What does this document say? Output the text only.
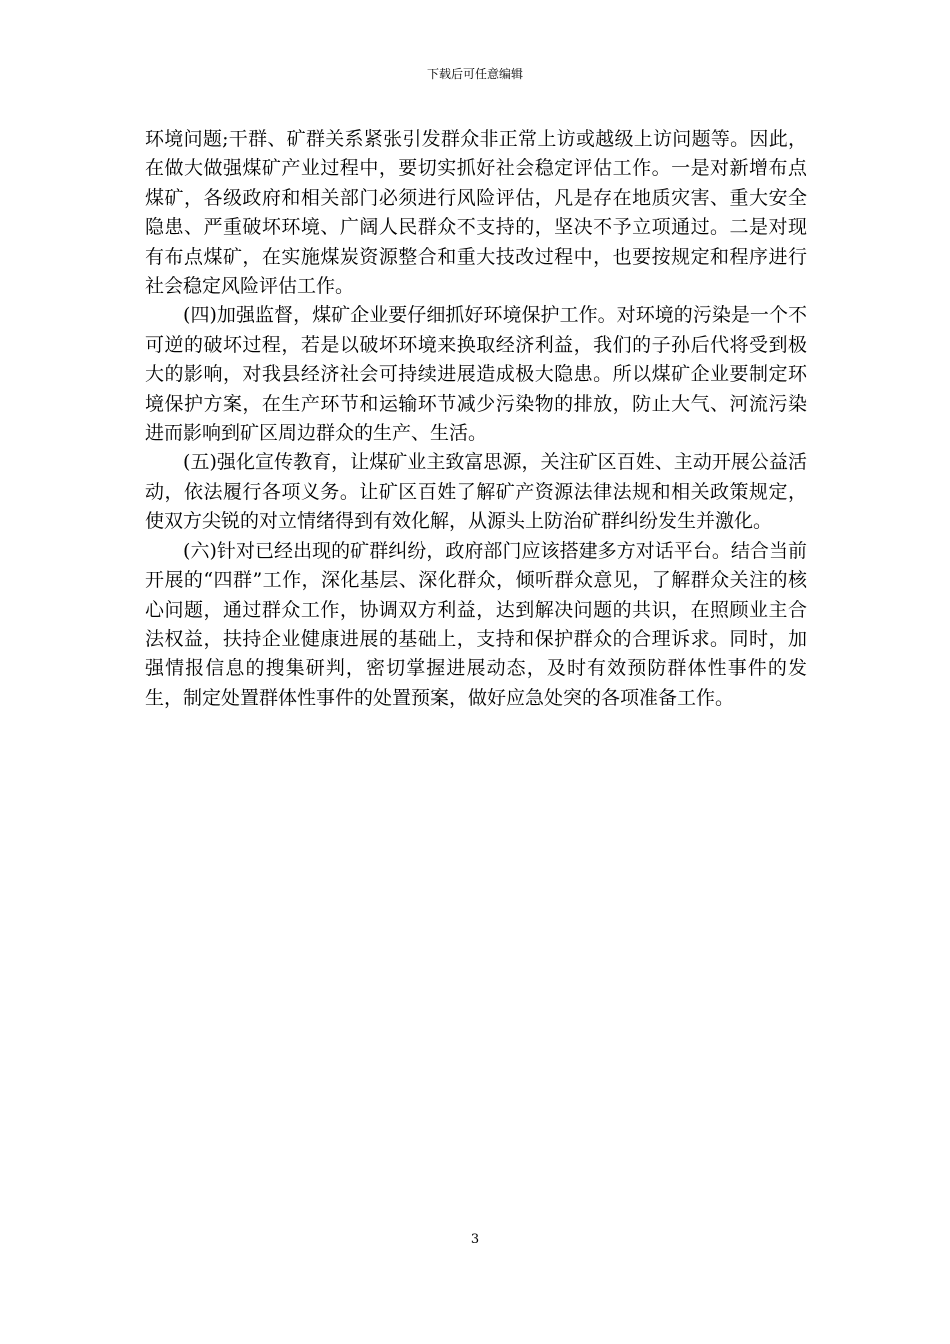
下载后可任意编辑

环境问题;干群、矿群关系紧张引发群众非正常上访或越级上访问题等。因此，在做大做强煤矿产业过程中，要切实抓好社会稳定评估工作。一是对新增布点煤矿，各级政府和相关部门必须进行风险评估，凡是存在地质灾害、重大安全隐患、严重破坏环境、广阔人民群众不支持的，坚决不予立项通过。二是对现有布点煤矿，在实施煤炭资源整合和重大技改过程中，也要按规定和程序进行社会稳定风险评估工作。

(四)加强监督，煤矿企业要仔细抓好环境保护工作。对环境的污染是一个不可逆的破坏过程，若是以破坏环境来换取经济利益，我们的子孙后代将受到极大的影响，对我县经济社会可持续进展造成极大隐患。所以煤矿企业要制定环境保护方案，在生产环节和运输环节减少污染物的排放，防止大气、河流污染进而影响到矿区周边群众的生产、生活。

(五)强化宣传教育，让煤矿业主致富思源，关注矿区百姓、主动开展公益活动，依法履行各项义务。让矿区百姓了解矿产资源法律法规和相关政策规定，使双方尖锐的对立情绪得到有效化解，从源头上防治矿群纠纷发生并激化。

(六)针对已经出现的矿群纠纷，政府部门应该搭建多方对话平台。结合当前开展的“四群”工作，深化基层、深化群众，倾听群众意见，了解群众关注的核心问题，通过群众工作，协调双方利益，达到解决问题的共识，在照顾业主合法权益，扶持企业健康进展的基础上，支持和保护群众的合理诉求。同时，加强情报信息的搜集研判，密切掌握进展动态，及时有效预防群体性事件的发生，制定处置群体性事件的处置预案，做好应急处突的各项准备工作。

3
